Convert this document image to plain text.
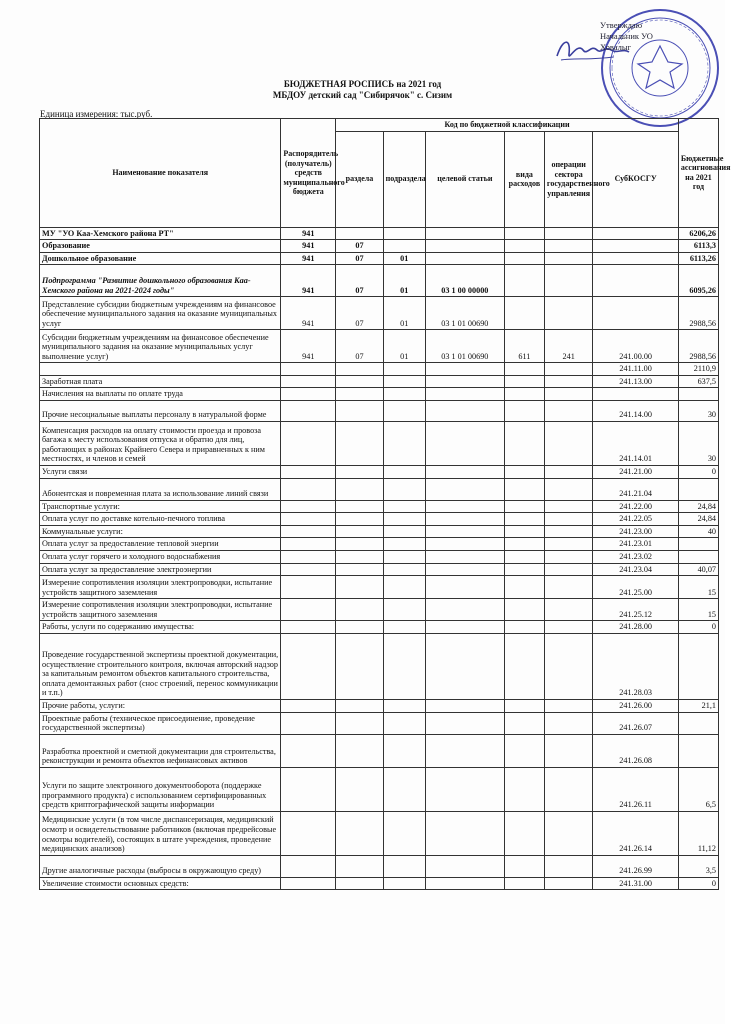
Утверждаю
Начальник УО
Ховалыг
БЮДЖЕТНАЯ РОСПИСЬ на 2021 год
МБДОУ детский сад "Сибирячок" с. Сизим
Единица измерения: тыс.руб.
Наименование показателя	Распорядитель (получатель) средств муниципального бюджета	Код по бюджетной классификации						Бюджетные ассигнования на 2021 год
		раздела	подраздела	целевой статьи	вида расходов	операции сектора государственного управления	СубКОСГУ	
МУ "УО Каа-Хемского района РТ"	941							6206,26
Образование	941	07						6113,3
Дошкольное образование	941	07	01					6113,26
Подпрограмма "Развитие дошкольного образования Каа-Хемского района на 2021-2024 годы"	941	07	01	03 1 00 00000				6095,26
Представление субсидии бюджетным учреждениям на финансовое обеспечение муниципального задания на оказание муниципальных услуг	941	07	01	03 1 01 00690				2988,56
Субсидии бюджетным учреждениям на финансовое обеспечение муниципального задания на оказание муниципальных услуг выполнение услуг)	941	07	01	03 1 01 00690	611	241	241.00.00	2988,56
							241.11.00	2110,9
Заработная плата							241.13.00	637,5
Начисления на выплаты по оплате труда								
Прочие несоциальные выплаты персоналу в натуральной форме							241.14.00	30
Компенсация расходов на оплату стоимости проезда и провоза багажа к месту использования отпуска и обратно для лиц, работающих в районах Крайнего Севера и приравненных к ним местностях, и членов и семей							241.14.01	30
Услуги связи							241.21.00	0
Абонентская и повременная плата за использование линий связи							241.21.04	
Транспортные услуги:							241.22.00	24,84
Оплата услуг по доставке котельно-печного топлива							241.22.05	24,84
Коммунальные услуги:							241.23.00	40
Оплата услуг за предоставление тепловой энергии							241.23.01	
Оплата услуг горячего и холодного водоснабжения							241.23.02	
Оплата услуг за предоставление электроэнергии							241.23.04	40,07
Измерение сопротивления изоляции электропроводки, испытание устройств защитного заземления							241.25.00	15
Измерение сопротивления изоляции электропроводки, испытание устройств защитного заземления							241.25.12	15
Работы, услуги по содержанию имущества:							241.28.00	0
Проведение государственной экспертизы проектной документации, осуществление строительного контроля, включая авторский надзор за капитальным ремонтом объектов капитального строительства, оплата демонтажных работ (снос строений, перенос коммуникации и т.п.)							241.28.03	
Прочие работы, услуги:							241.26.00	21,1
Проектные работы (техническое присоединение, проведение государственной экспертизы)							241.26.07	
Разработка проектной и сметной документации для строительства, реконструкции и ремонта объектов нефинансовых активов							241.26.08	
Услуги по защите электронного документооборота (поддержке программного продукта) с использованием сертифицированных средств криптографической защиты информации							241.26.11	6,5
Медицинские услуги (в том числе диспансеризация, медицинский осмотр и освидетельствование работников (включая предрейсовые осмотры водителей), состоящих в штате учреждения, проведение медицинских анализов)							241.26.14	11,12
Другие аналогичные расходы (выбросы в окружающую среду)							241.26.99	3,5
Увеличение стоимости основных средств:							241.31.00	0
